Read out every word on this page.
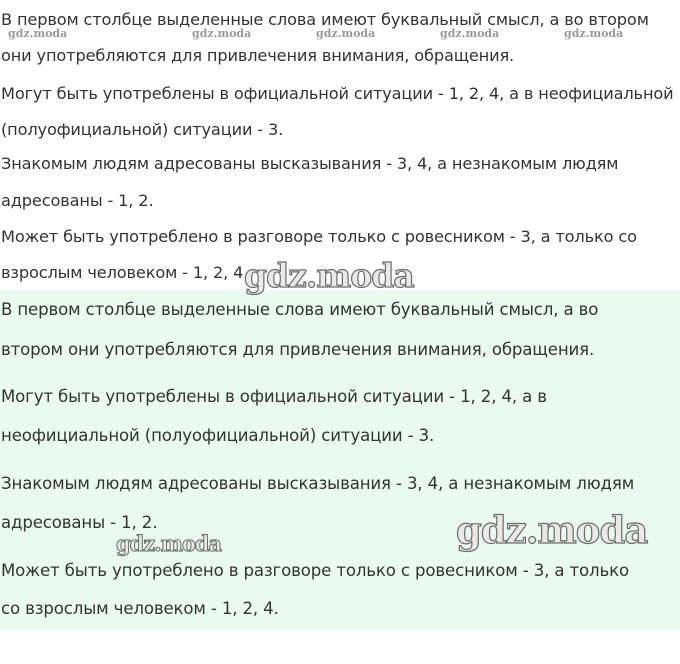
В первом столбце выделенные слова имеют буквальный смысл, а во втором
они употребляются для привлечения внимания, обращения.
Могут быть употреблены в официальной ситуации - 1, 2, 4, а в неофициальной
(полуофициальной) ситуации - 3.
Знакомым людям адресованы высказывания - 3, 4, а незнакомым людям
адресованы - 1, 2.
Может быть употреблено в разговоре только с ровесником - 3, а только со
взрослым человеком - 1, 2, 4.
gdz.moda	gdz.moda	gdz.moda	gdz.moda	gdz.moda
gdz.moda
В первом столбце выделенные слова имеют буквальный смысл, а во
втором они употребляются для привлечения внимания, обращения.
Могут быть употреблены в официальной ситуации - 1, 2, 4, а в
неофициальной (полуофициальной) ситуации - 3.
Знакомым людям адресованы высказывания - 3, 4, а незнакомым людям
адресованы - 1, 2.
Может быть употреблено в разговоре только с ровесником - 3, а только
со взрослым человеком - 1, 2, 4.
gdz.moda	gdz.moda
